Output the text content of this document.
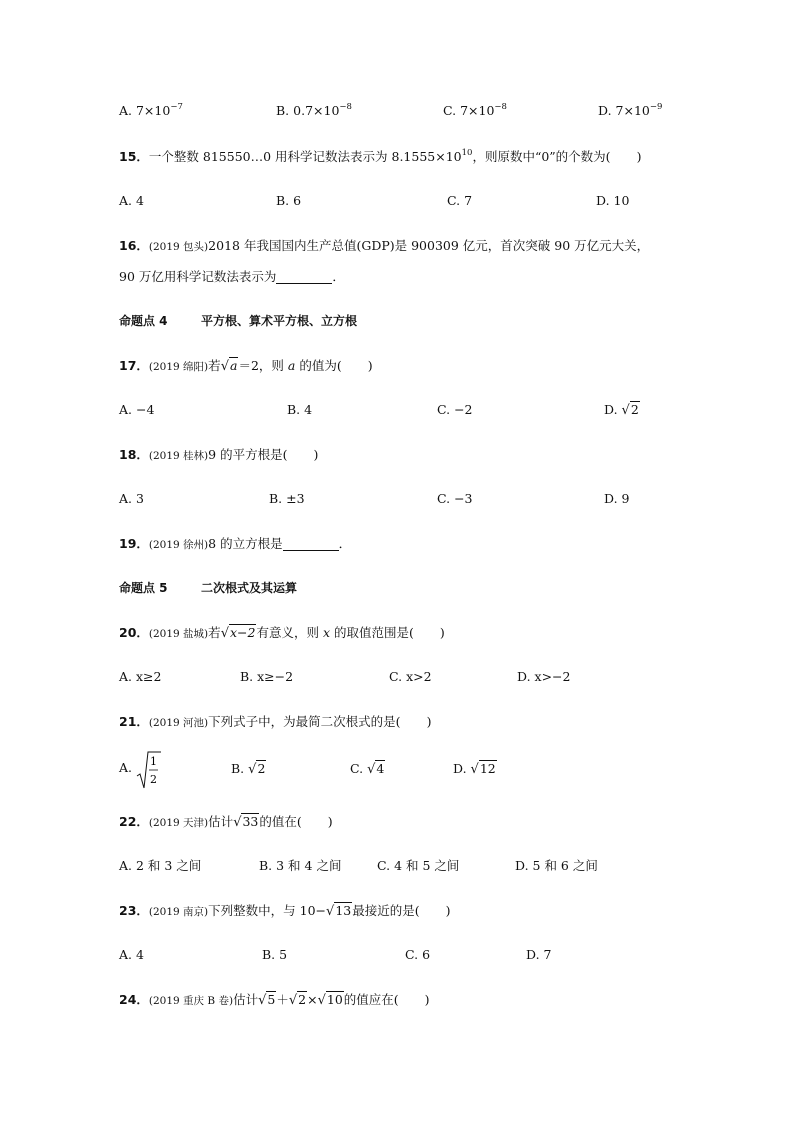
A. $7\times 10^{-7}$	B. $0.7\times 10^{-8}$	C. $7\times 10^{-8}$	D. $7\times 10^{-9}$
15．一个整数 815550…0 用科学记数法表示为 $8.1555\times 10^{10}$，则原数中“0”的个数为( )
A. 4	B. 6	C. 7	D. 10
16．(2019 包头)2018 年我国国内生产总值(GDP)是 900309 亿元，首次突破 90 万亿元大关，
90 万亿用科学记数法表示为	．
命题点 4	平方根、算术平方根、立方根
17．(2019 绵阳)若√a＝2，则 a 的值为( )
A. −4	B. 4	C. −2	D. √2
18．(2019 桂林)9 的平方根是( )
A. 3	B. ±3	C. −3	D. 9
19．(2019 徐州)8 的立方根是	．
命题点 5	二次根式及其运算
20．(2019 盐城)若√x−2有意义，则 x 的取值范围是( )
A. x≥2	B. x≥−2	C. x>2	D. x>−2
21．(2019 河池)下列式子中，为最简二次根式的是( )
A. 1
2
B. √2	C. √4	D. √12
22．(2019 天津)估计√33的值在( )
A. 2 和 3 之间	B. 3 和 4 之间	C. 4 和 5 之间	D. 5 和 6 之间
23．(2019 南京)下列整数中，与 10−√13最接近的是( )
A. 4	B. 5	C. 6	D. 7
24．(2019 重庆 B 卷)估计√5＋√2×√10的值应在( )
